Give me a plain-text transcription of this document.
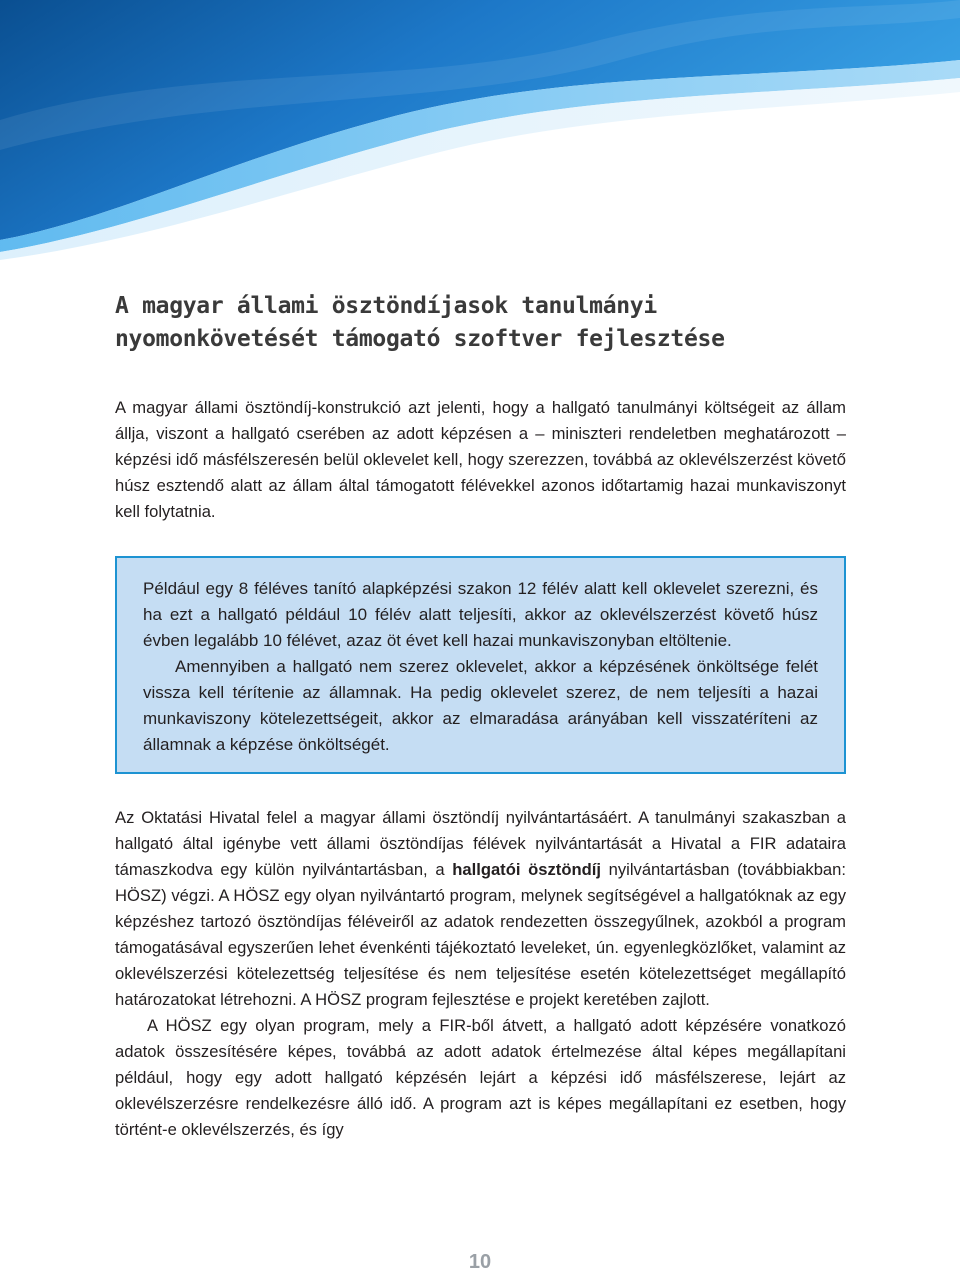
A magyar állami ösztöndíjasok tanulmányi
nyomonkövetését támogató szoftver fejlesztése

A magyar állami ösztöndíj-konstrukció azt jelenti, hogy a hallgató tanulmányi költségeit az állam állja, viszont a hallgató cserében az adott képzésen a – miniszteri rendeletben meghatározott – képzési idő másfélszeresén belül oklevelet kell, hogy szerezzen, továbbá az oklevélszerzést követő húsz esztendő alatt az állam által támogatott félévekkel azonos időtartamig hazai munkaviszonyt kell folytatnia.

Például egy 8 féléves tanító alapképzési szakon 12 félév alatt kell oklevelet szerezni, és ha ezt a hallgató például 10 félév alatt teljesíti, akkor az oklevélszerzést követő húsz évben legalább 10 félévet, azaz öt évet kell hazai munkaviszonyban eltöltenie.

Amennyiben a hallgató nem szerez oklevelet, akkor a képzésének önköltsége felét vissza kell térítenie az államnak. Ha pedig oklevelet szerez, de nem teljesíti a hazai munkaviszony kötelezettségeit, akkor az elmaradása arányában kell visszatéríteni az államnak a képzése önköltségét.

Az Oktatási Hivatal felel a magyar állami ösztöndíj nyilvántartásáért. A tanulmányi szakaszban a hallgató által igénybe vett állami ösztöndíjas félévek nyilvántartását a Hivatal a FIR adataira támaszkodva egy külön nyilvántartásban, a hallgatói ösztöndíj nyilvántartásban (továbbiakban: HÖSZ) végzi. A HÖSZ egy olyan nyilvántartó program, melynek segítségével a hallgatóknak az egy képzéshez tartozó ösztöndíjas féléveiről az adatok rendezetten összegyűlnek, azokból a program támogatásával egyszerűen lehet évenkénti tájékoztató leveleket, ún. egyenlegközlőket, valamint az oklevélszerzési kötelezettség teljesítése és nem teljesítése esetén kötelezettséget megállapító határozatokat létrehozni. A HÖSZ program fejlesztése e projekt keretében zajlott.

A HÖSZ egy olyan program, mely a FIR-ből átvett, a hallgató adott képzésére vonatkozó adatok összesítésére képes, továbbá az adott adatok értelmezése által képes megállapítani például, hogy egy adott hallgató képzésén lejárt a képzési idő másfélszerese, lejárt az oklevélszerzésre rendelkezésre álló idő. A program azt is képes megállapítani ez esetben, hogy történt-e oklevélszerzés, és így

10
